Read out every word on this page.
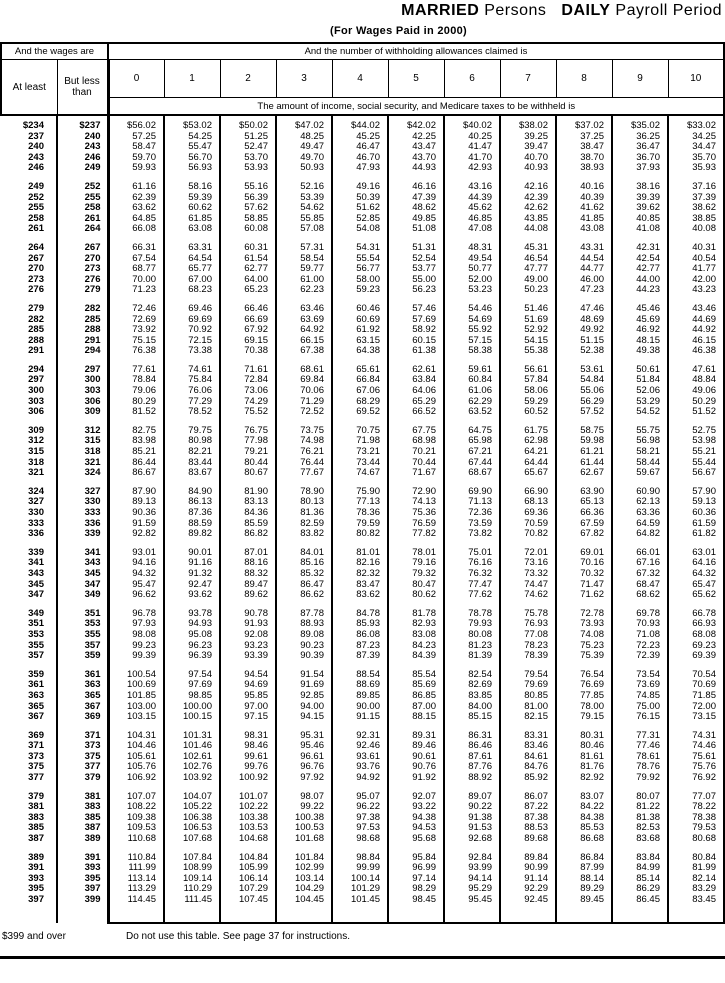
MARRIED Persons DAILY Payroll Period
(For Wages Paid in 2000)
And the wages are		And the number of withholding allowances claimed is										
At least	But less than	0	1	2	3	4	5	6	7	8	9	10
		The amount of income, social security, and Medicare taxes to be withheld is										

$234	$237	$56.02	$53.02	$50.02	$47.02	$44.02	$42.02	$40.02	$38.02	$37.02	$35.02	$33.02
237	240	57.25	54.25	51.25	48.25	45.25	42.25	40.25	39.25	37.25	36.25	34.25
240	243	58.47	55.47	52.47	49.47	46.47	43.47	41.47	39.47	38.47	36.47	34.47
243	246	59.70	56.70	53.70	49.70	46.70	43.70	41.70	40.70	38.70	36.70	35.70
246	249	59.93	56.93	53.93	50.93	47.93	44.93	42.93	40.93	38.93	37.93	35.93

249	252	61.16	58.16	55.16	52.16	49.16	46.16	43.16	42.16	40.16	38.16	37.16
252	255	62.39	59.39	56.39	53.39	50.39	47.39	44.39	42.39	40.39	39.39	37.39
255	258	63.62	60.62	57.62	54.62	51.62	48.62	45.62	42.62	41.62	39.62	38.62
258	261	64.85	61.85	58.85	55.85	52.85	49.85	46.85	43.85	41.85	40.85	38.85
261	264	66.08	63.08	60.08	57.08	54.08	51.08	47.08	44.08	43.08	41.08	40.08

264	267	66.31	63.31	60.31	57.31	54.31	51.31	48.31	45.31	43.31	42.31	40.31
267	270	67.54	64.54	61.54	58.54	55.54	52.54	49.54	46.54	44.54	42.54	40.54
270	273	68.77	65.77	62.77	59.77	56.77	53.77	50.77	47.77	44.77	42.77	41.77
273	276	70.00	67.00	64.00	61.00	58.00	55.00	52.00	49.00	46.00	44.00	42.00
276	279	71.23	68.23	65.23	62.23	59.23	56.23	53.23	50.23	47.23	44.23	43.23

279	282	72.46	69.46	66.46	63.46	60.46	57.46	54.46	51.46	47.46	45.46	43.46
282	285	72.69	69.69	66.69	63.69	60.69	57.69	54.69	51.69	48.69	45.69	44.69
285	288	73.92	70.92	67.92	64.92	61.92	58.92	55.92	52.92	49.92	46.92	44.92
288	291	75.15	72.15	69.15	66.15	63.15	60.15	57.15	54.15	51.15	48.15	46.15
291	294	76.38	73.38	70.38	67.38	64.38	61.38	58.38	55.38	52.38	49.38	46.38

294	297	77.61	74.61	71.61	68.61	65.61	62.61	59.61	56.61	53.61	50.61	47.61
297	300	78.84	75.84	72.84	69.84	66.84	63.84	60.84	57.84	54.84	51.84	48.84
300	303	79.06	76.06	73.06	70.06	67.06	64.06	61.06	58.06	55.06	52.06	49.06
303	306	80.29	77.29	74.29	71.29	68.29	65.29	62.29	59.29	56.29	53.29	50.29
306	309	81.52	78.52	75.52	72.52	69.52	66.52	63.52	60.52	57.52	54.52	51.52

309	312	82.75	79.75	76.75	73.75	70.75	67.75	64.75	61.75	58.75	55.75	52.75
312	315	83.98	80.98	77.98	74.98	71.98	68.98	65.98	62.98	59.98	56.98	53.98
315	318	85.21	82.21	79.21	76.21	73.21	70.21	67.21	64.21	61.21	58.21	55.21
318	321	86.44	83.44	80.44	76.44	73.44	70.44	67.44	64.44	61.44	58.44	55.44
321	324	86.67	83.67	80.67	77.67	74.67	71.67	68.67	65.67	62.67	59.67	56.67

324	327	87.90	84.90	81.90	78.90	75.90	72.90	69.90	66.90	63.90	60.90	57.90
327	330	89.13	86.13	83.13	80.13	77.13	74.13	71.13	68.13	65.13	62.13	59.13
330	333	90.36	87.36	84.36	81.36	78.36	75.36	72.36	69.36	66.36	63.36	60.36
333	336	91.59	88.59	85.59	82.59	79.59	76.59	73.59	70.59	67.59	64.59	61.59
336	339	92.82	89.82	86.82	83.82	80.82	77.82	73.82	70.82	67.82	64.82	61.82

339	341	93.01	90.01	87.01	84.01	81.01	78.01	75.01	72.01	69.01	66.01	63.01
341	343	94.16	91.16	88.16	85.16	82.16	79.16	76.16	73.16	70.16	67.16	64.16
343	345	94.32	91.32	88.32	85.32	82.32	79.32	76.32	73.32	70.32	67.32	64.32
345	347	95.47	92.47	89.47	86.47	83.47	80.47	77.47	74.47	71.47	68.47	65.47
347	349	96.62	93.62	89.62	86.62	83.62	80.62	77.62	74.62	71.62	68.62	65.62

349	351	96.78	93.78	90.78	87.78	84.78	81.78	78.78	75.78	72.78	69.78	66.78
351	353	97.93	94.93	91.93	88.93	85.93	82.93	79.93	76.93	73.93	70.93	66.93
353	355	98.08	95.08	92.08	89.08	86.08	83.08	80.08	77.08	74.08	71.08	68.08
355	357	99.23	96.23	93.23	90.23	87.23	84.23	81.23	78.23	75.23	72.23	69.23
357	359	99.39	96.39	93.39	90.39	87.39	84.39	81.39	78.39	75.39	72.39	69.39

359	361	100.54	97.54	94.54	91.54	88.54	85.54	82.54	79.54	76.54	73.54	70.54
361	363	100.69	97.69	94.69	91.69	88.69	85.69	82.69	79.69	76.69	73.69	70.69
363	365	101.85	98.85	95.85	92.85	89.85	86.85	83.85	80.85	77.85	74.85	71.85
365	367	103.00	100.00	97.00	94.00	90.00	87.00	84.00	81.00	78.00	75.00	72.00
367	369	103.15	100.15	97.15	94.15	91.15	88.15	85.15	82.15	79.15	76.15	73.15

369	371	104.31	101.31	98.31	95.31	92.31	89.31	86.31	83.31	80.31	77.31	74.31
371	373	104.46	101.46	98.46	95.46	92.46	89.46	86.46	83.46	80.46	77.46	74.46
373	375	105.61	102.61	99.61	96.61	93.61	90.61	87.61	84.61	81.61	78.61	75.61
375	377	105.76	102.76	99.76	96.76	93.76	90.76	87.76	84.76	81.76	78.76	75.76
377	379	106.92	103.92	100.92	97.92	94.92	91.92	88.92	85.92	82.92	79.92	76.92

379	381	107.07	104.07	101.07	98.07	95.07	92.07	89.07	86.07	83.07	80.07	77.07
381	383	108.22	105.22	102.22	99.22	96.22	93.22	90.22	87.22	84.22	81.22	78.22
383	385	109.38	106.38	103.38	100.38	97.38	94.38	91.38	87.38	84.38	81.38	78.38
385	387	109.53	106.53	103.53	100.53	97.53	94.53	91.53	88.53	85.53	82.53	79.53
387	389	110.68	107.68	104.68	101.68	98.68	95.68	92.68	89.68	86.68	83.68	80.68

389	391	110.84	107.84	104.84	101.84	98.84	95.84	92.84	89.84	86.84	83.84	80.84
391	393	111.99	108.99	105.99	102.99	99.99	96.99	93.99	90.99	87.99	84.99	81.99
393	395	113.14	109.14	106.14	103.14	100.14	97.14	94.14	91.14	88.14	85.14	82.14
395	397	113.29	110.29	107.29	104.29	101.29	98.29	95.29	92.29	89.29	86.29	83.29
397	399	114.45	111.45	107.45	104.45	101.45	98.45	95.45	92.45	89.45	86.45	83.45

$399 and over	Do not use this table. See page 37 for instructions.
